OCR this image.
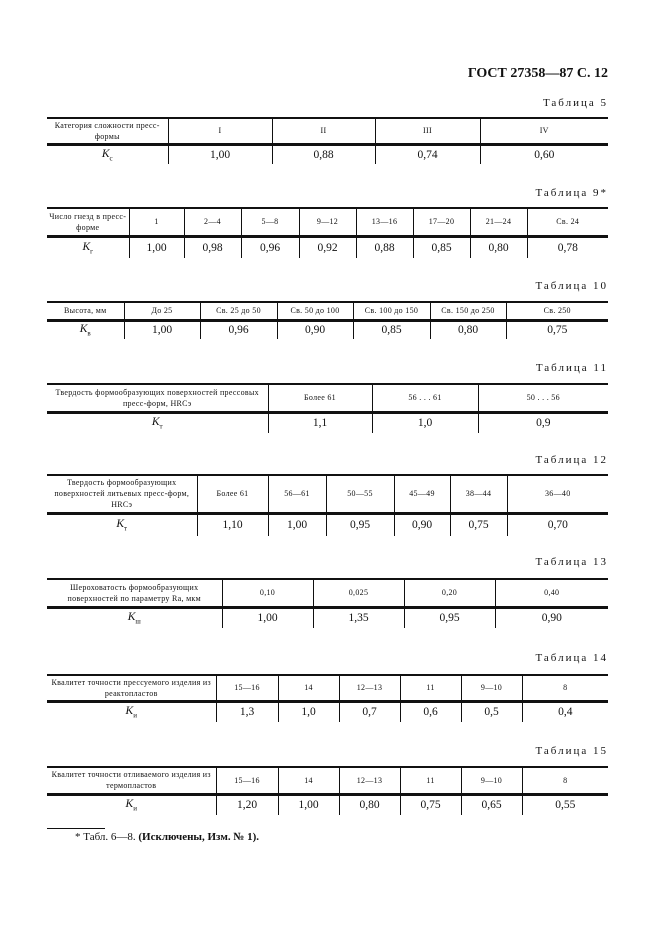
ГОСТ 27358—87 С. 12
Таблица 5
Категория сложности пресс-формы	I	II	III	IV
$K_с$	1,00	0,88	0,74	0,60
Таблица 9*
Число гнезд в пресс-форме	1	2—4	5—8	9—12	13—16	17—20	21—24	Св. 24
$K_г$	1,00	0,98	0,96	0,92	0,88	0,85	0,80	0,78
Таблица 10
Высота, мм	До 25	Св. 25 до 50	Св. 50 до 100	Св. 100 до 150	Св. 150 до 250	Св. 250
$K_в$	1,00	0,96	0,90	0,85	0,80	0,75
Таблица 11
Твердость формообразующих поверхностей прессовых пресс-форм, HRCэ	Более 61	56 . . . 61	50 . . . 56
$K_т$	1,1	1,0	0,9
Таблица 12
Твердость формообразующих поверхностей литьевых пресс-форм, HRCэ	Более 61	56—61	50—55	45—49	38—44	36—40
$K_т$	1,10	1,00	0,95	0,90	0,75	0,70
Таблица 13
Шероховатость формообразующих поверхностей по параметру Ra, мкм	0,10	0,025	0,20	0,40
$K_ш$	1,00	1,35	0,95	0,90
Таблица 14
Квалитет точности прессуемого изделия из реактопластов	15—16	14	12—13	11	9—10	8
$K_и$	1,3	1,0	0,7	0,6	0,5	0,4
Таблица 15
Квалитет точности отливаемого изделия из термопластов	15—16	14	12—13	11	9—10	8
$K_и$	1,20	1,00	0,80	0,75	0,65	0,55
* Табл. 6—8. (Исключены, Изм. № 1).
